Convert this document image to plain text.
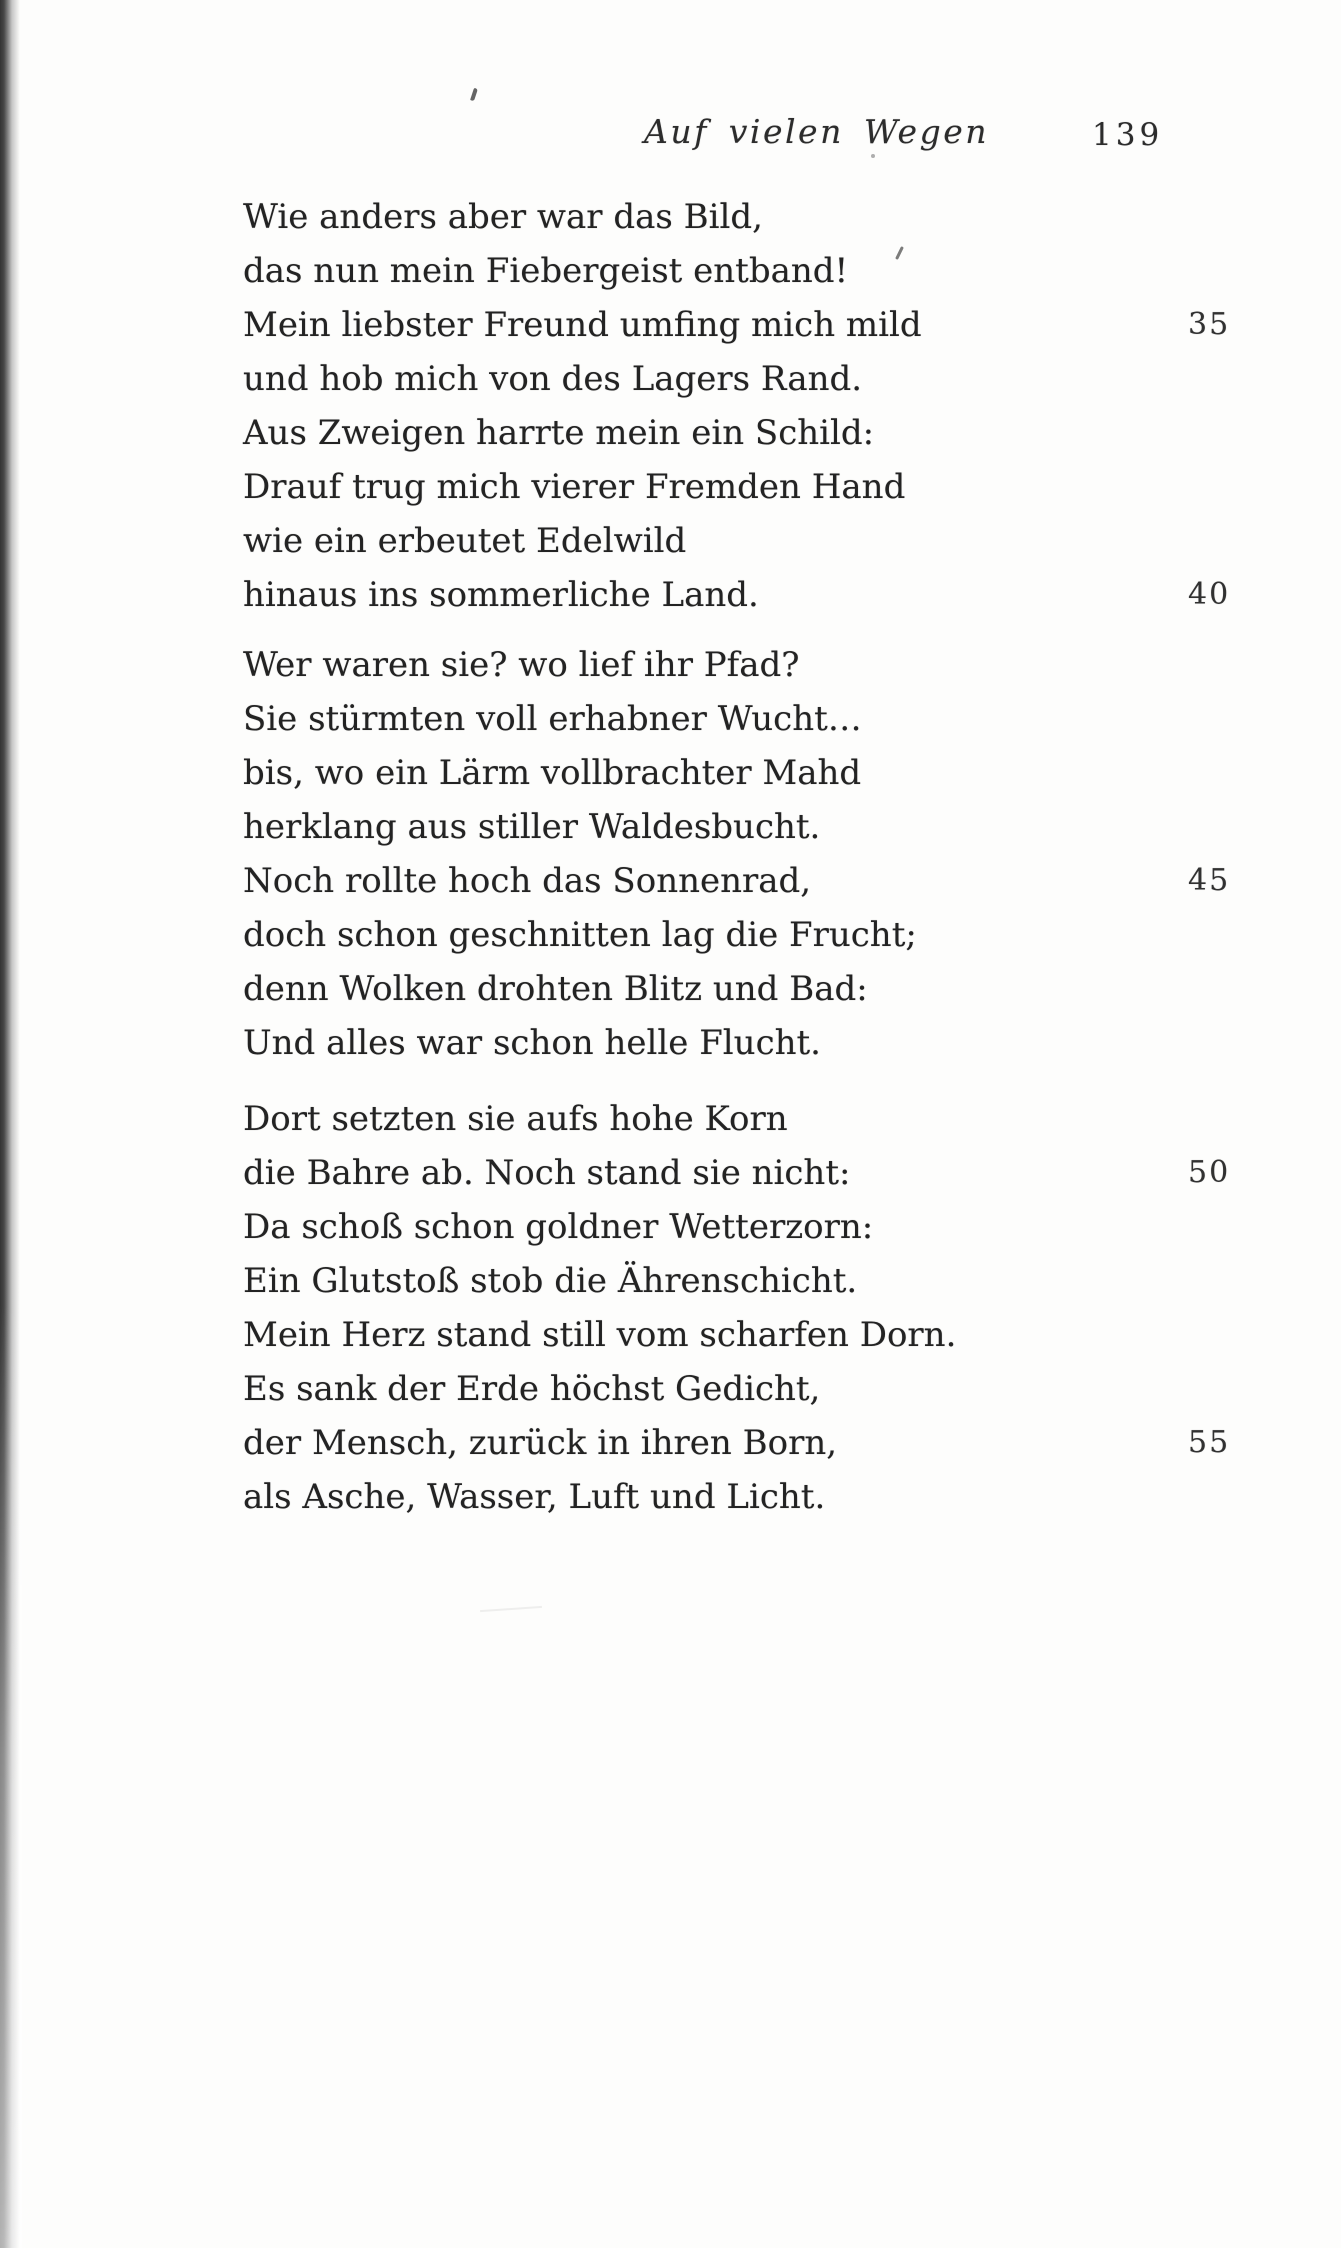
Auf vielen Wegen	139
Wie anders aber war das Bild,
das nun mein Fiebergeist entband!
Mein liebster Freund umfing mich mild	35
und hob mich von des Lagers Rand.
Aus Zweigen harrte mein ein Schild:
Drauf trug mich vierer Fremden Hand
wie ein erbeutet Edelwild
hinaus ins sommerliche Land.	40
Wer waren sie? wo lief ihr Pfad?
Sie stürmten voll erhabner Wucht…
bis, wo ein Lärm vollbrachter Mahd
herklang aus stiller Waldesbucht.
Noch rollte hoch das Sonnenrad,	45
doch schon geschnitten lag die Frucht;
denn Wolken drohten Blitz und Bad:
Und alles war schon helle Flucht.
Dort setzten sie aufs hohe Korn
die Bahre ab. Noch stand sie nicht:	50
Da schoß schon goldner Wetterzorn:
Ein Glutstoß stob die Ährenschicht.
Mein Herz stand still vom scharfen Dorn.
Es sank der Erde höchst Gedicht,
der Mensch, zurück in ihren Born,	55
als Asche, Wasser, Luft und Licht.
